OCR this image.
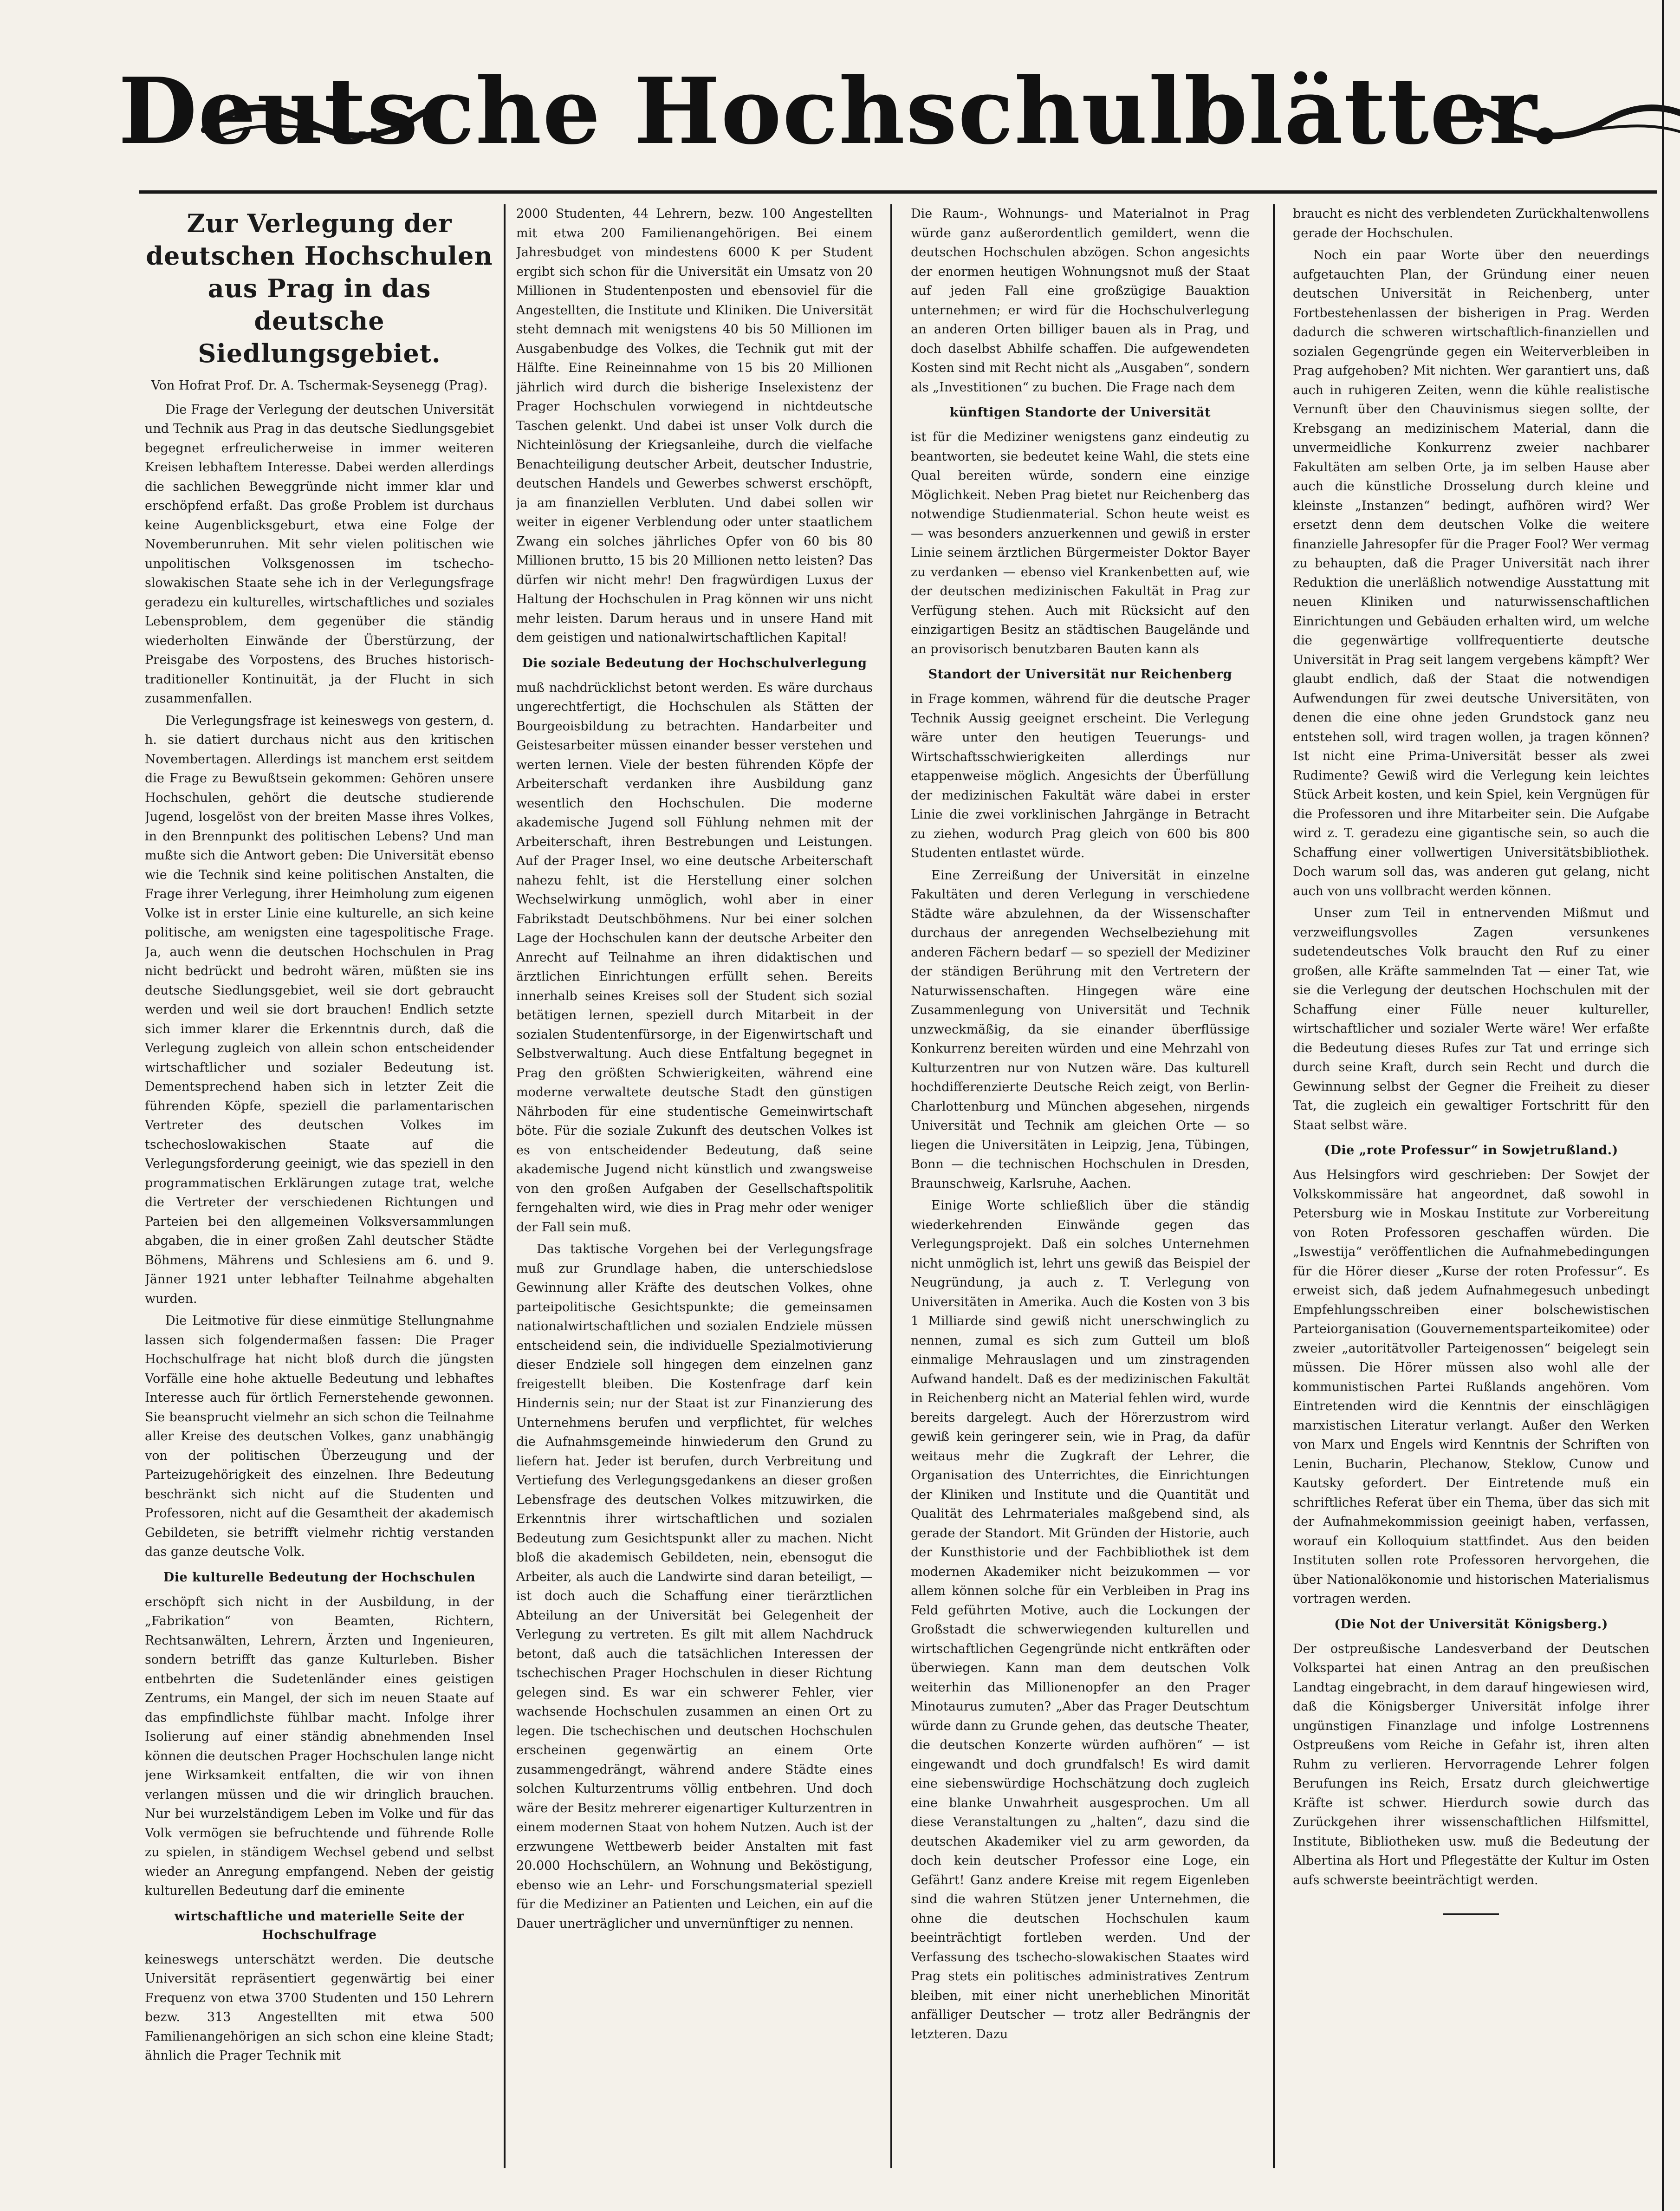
Deutsche Hochschulblätter.
Zur Verlegung der deutschen Hochschulen aus Prag in das deutsche Siedlungsgebiet.
Von Hofrat Prof. Dr. A. Tschermak-Seysenegg (Prag).

Die Frage der Verlegung der deutschen Universität und Technik aus Prag in das deutsche Siedlungsgebiet begegnet erfreulicherweise in immer weiteren Kreisen lebhaftem Interesse. Dabei werden allerdings die sachlichen Beweggründe nicht immer klar und erschöpfend erfaßt. Das große Problem ist durchaus keine Augenblicksgeburt, etwa eine Folge der Novemberunruhen. Mit sehr vielen politischen wie unpolitischen Volksgenossen im tschecho-slowakischen Staate sehe ich in der Verlegungsfrage geradezu ein kulturelles, wirtschaftliches und soziales Lebensproblem, dem gegenüber die ständig wiederholten Einwände der Überstürzung, der Preisgabe des Vorpostens, des Bruches historisch-traditioneller Kontinuität, ja der Flucht in sich zusammenfallen.

Die Verlegungsfrage ist keineswegs von gestern, d. h. sie datiert durchaus nicht aus den kritischen Novembertagen. Allerdings ist manchem erst seitdem die Frage zu Bewußtsein gekommen: Gehören unsere Hochschulen, gehört die deutsche studierende Jugend, losgelöst von der breiten Masse ihres Volkes, in den Brennpunkt des politischen Lebens? Und man mußte sich die Antwort geben: Die Universität ebenso wie die Technik sind keine politischen Anstalten, die Frage ihrer Verlegung, ihrer Heimholung zum eigenen Volke ist in erster Linie eine kulturelle, an sich keine politische, am wenigsten eine tagespolitische Frage. Ja, auch wenn die deutschen Hochschulen in Prag nicht bedrückt und bedroht wären, müßten sie ins deutsche Siedlungsgebiet, weil sie dort gebraucht werden und weil sie dort brauchen! Endlich setzte sich immer klarer die Erkenntnis durch, daß die Verlegung zugleich von allein schon entscheidender wirtschaftlicher und sozialer Bedeutung ist. Dementsprechend haben sich in letzter Zeit die führenden Köpfe, speziell die parlamentarischen Vertreter des deutschen Volkes im tschechoslowakischen Staate auf die Verlegungsforderung geeinigt, wie das speziell in den programmatischen Erklärungen zutage trat, welche die Vertreter der verschiedenen Richtungen und Parteien bei den allgemeinen Volksversammlungen abgaben, die in einer großen Zahl deutscher Städte Böhmens, Mährens und Schlesiens am 6. und 9. Jänner 1921 unter lebhafter Teilnahme abgehalten wurden.

Die Leitmotive für diese einmütige Stellungnahme lassen sich folgendermaßen fassen: Die Prager Hochschulfrage hat nicht bloß durch die jüngsten Vorfälle eine hohe aktuelle Bedeutung und lebhaftes Interesse auch für örtlich Fernerstehende gewonnen. Sie beansprucht vielmehr an sich schon die Teilnahme aller Kreise des deutschen Volkes, ganz unabhängig von der politischen Überzeugung und der Parteizugehörigkeit des einzelnen. Ihre Bedeutung beschränkt sich nicht auf die Studenten und Professoren, nicht auf die Gesamtheit der akademisch Gebildeten, sie betrifft vielmehr richtig verstanden das ganze deutsche Volk.

Die kulturelle Bedeutung der Hochschulen

erschöpft sich nicht in der Ausbildung, in der „Fabrikation“ von Beamten, Richtern, Rechtsanwälten, Lehrern, Ärzten und Ingenieuren, sondern betrifft das ganze Kulturleben. Bisher entbehrten die Sudetenländer eines geistigen Zentrums, ein Mangel, der sich im neuen Staate auf das empfindlichste fühlbar macht. Infolge ihrer Isolierung auf einer ständig abnehmenden Insel können die deutschen Prager Hochschulen lange nicht jene Wirksamkeit entfalten, die wir von ihnen verlangen müssen und die wir dringlich brauchen. Nur bei wurzelständigem Leben im Volke und für das Volk vermögen sie befruchtende und führende Rolle zu spielen, in ständigem Wechsel gebend und selbst wieder an Anregung empfangend. Neben der geistig kulturellen Bedeutung darf die eminente

wirtschaftliche und materielle Seite der Hochschulfrage

keineswegs unterschätzt werden. Die deutsche Universität repräsentiert gegenwärtig bei einer Frequenz von etwa 3700 Studenten und 150 Lehrern bezw. 313 Angestellten mit etwa 500 Familienangehörigen an sich schon eine kleine Stadt; ähnlich die Prager Technik mit

2000 Studenten, 44 Lehrern, bezw. 100 Angestellten mit etwa 200 Familienangehörigen. Bei einem Jahresbudget von mindestens 6000 K per Student ergibt sich schon für die Universität ein Umsatz von 20 Millionen in Studentenposten und ebensoviel für die Angestellten, die Institute und Kliniken. Die Universität steht demnach mit wenigstens 40 bis 50 Millionen im Ausgabenbudge des Volkes, die Technik gut mit der Hälfte. Eine Reineinnahme von 15 bis 20 Millionen jährlich wird durch die bisherige Inselexistenz der Prager Hochschulen vorwiegend in nichtdeutsche Taschen gelenkt. Und dabei ist unser Volk durch die Nichteinlösung der Kriegsanleihe, durch die vielfache Benachteiligung deutscher Arbeit, deutscher Industrie, deutschen Handels und Gewerbes schwerst erschöpft, ja am finanziellen Verbluten. Und dabei sollen wir weiter in eigener Verblendung oder unter staatlichem Zwang ein solches jährliches Opfer von 60 bis 80 Millionen brutto, 15 bis 20 Millionen netto leisten? Das dürfen wir nicht mehr! Den fragwürdigen Luxus der Haltung der Hochschulen in Prag können wir uns nicht mehr leisten. Darum heraus und in unsere Hand mit dem geistigen und nationalwirtschaftlichen Kapital!

Die soziale Bedeutung der Hochschulverlegung

muß nachdrücklichst betont werden. Es wäre durchaus ungerechtfertigt, die Hochschulen als Stätten der Bourgeoisbildung zu betrachten. Handarbeiter und Geistesarbeiter müssen einander besser verstehen und werten lernen. Viele der besten führenden Köpfe der Arbeiterschaft verdanken ihre Ausbildung ganz wesentlich den Hochschulen. Die moderne akademische Jugend soll Fühlung nehmen mit der Arbeiterschaft, ihren Bestrebungen und Leistungen. Auf der Prager Insel, wo eine deutsche Arbeiterschaft nahezu fehlt, ist die Herstellung einer solchen Wechselwirkung unmöglich, wohl aber in einer Fabrikstadt Deutschböhmens. Nur bei einer solchen Lage der Hochschulen kann der deutsche Arbeiter den Anrecht auf Teilnahme an ihren didaktischen und ärztlichen Einrichtungen erfüllt sehen. Bereits innerhalb seines Kreises soll der Student sich sozial betätigen lernen, speziell durch Mitarbeit in der sozialen Studentenfürsorge, in der Eigenwirtschaft und Selbstverwaltung. Auch diese Entfaltung begegnet in Prag den größten Schwierigkeiten, während eine moderne verwaltete deutsche Stadt den günstigen Nährboden für eine studentische Gemeinwirtschaft böte. Für die soziale Zukunft des deutschen Volkes ist es von entscheidender Bedeutung, daß seine akademische Jugend nicht künstlich und zwangsweise von den großen Aufgaben der Gesellschaftspolitik ferngehalten wird, wie dies in Prag mehr oder weniger der Fall sein muß.

Das taktische Vorgehen bei der Verlegungsfrage muß zur Grundlage haben, die unterschiedslose Gewinnung aller Kräfte des deutschen Volkes, ohne parteipolitische Gesichtspunkte; die gemeinsamen nationalwirtschaftlichen und sozialen Endziele müssen entscheidend sein, die individuelle Spezialmotivierung dieser Endziele soll hingegen dem einzelnen ganz freigestellt bleiben. Die Kostenfrage darf kein Hindernis sein; nur der Staat ist zur Finanzierung des Unternehmens berufen und verpflichtet, für welches die Aufnahmsgemeinde hinwiederum den Grund zu liefern hat. Jeder ist berufen, durch Verbreitung und Vertiefung des Verlegungsgedankens an dieser großen Lebensfrage des deutschen Volkes mitzuwirken, die Erkenntnis ihrer wirtschaftlichen und sozialen Bedeutung zum Gesichtspunkt aller zu machen. Nicht bloß die akademisch Gebildeten, nein, ebensogut die Arbeiter, als auch die Landwirte sind daran beteiligt, — ist doch auch die Schaffung einer tierärztlichen Abteilung an der Universität bei Gelegenheit der Verlegung zu vertreten. Es gilt mit allem Nachdruck betont, daß auch die tatsächlichen Interessen der tschechischen Prager Hochschulen in dieser Richtung gelegen sind. Es war ein schwerer Fehler, vier wachsende Hochschulen zusammen an einen Ort zu legen. Die tschechischen und deutschen Hochschulen erscheinen gegenwärtig an einem Orte zusammengedrängt, während andere Städte eines solchen Kulturzentrums völlig entbehren. Und doch wäre der Besitz mehrerer eigenartiger Kulturzentren in einem modernen Staat von hohem Nutzen. Auch ist der erzwungene Wettbewerb beider Anstalten mit fast 20.000 Hochschülern, an Wohnung und Beköstigung, ebenso wie an Lehr- und Forschungsmaterial speziell für die Mediziner an Patienten und Leichen, ein auf die Dauer unerträglicher und unvernünftiger zu nennen.

Die Raum-, Wohnungs- und Materialnot in Prag würde ganz außerordentlich gemildert, wenn die deutschen Hochschulen abzögen. Schon angesichts der enormen heutigen Wohnungsnot muß der Staat auf jeden Fall eine großzügige Bauaktion unternehmen; er wird für die Hochschulverlegung an anderen Orten billiger bauen als in Prag, und doch daselbst Abhilfe schaffen. Die aufgewendeten Kosten sind mit Recht nicht als „Ausgaben“, sondern als „Investitionen“ zu buchen. Die Frage nach dem

künftigen Standorte der Universität

ist für die Mediziner wenigstens ganz eindeutig zu beantworten, sie bedeutet keine Wahl, die stets eine Qual bereiten würde, sondern eine einzige Möglichkeit. Neben Prag bietet nur Reichenberg das notwendige Studienmaterial. Schon heute weist es — was besonders anzuerkennen und gewiß in erster Linie seinem ärztlichen Bürgermeister Doktor Bayer zu verdanken — ebenso viel Krankenbetten auf, wie der deutschen medizinischen Fakultät in Prag zur Verfügung stehen. Auch mit Rücksicht auf den einzigartigen Besitz an städtischen Baugelände und an provisorisch benutzbaren Bauten kann als

Standort der Universität nur Reichenberg

in Frage kommen, während für die deutsche Prager Technik Aussig geeignet erscheint. Die Verlegung wäre unter den heutigen Teuerungs- und Wirtschaftsschwierigkeiten allerdings nur etappenweise möglich. Angesichts der Überfüllung der medizinischen Fakultät wäre dabei in erster Linie die zwei vorklinischen Jahrgänge in Betracht zu ziehen, wodurch Prag gleich von 600 bis 800 Studenten entlastet würde.

Eine Zerreißung der Universität in einzelne Fakultäten und deren Verlegung in verschiedene Städte wäre abzulehnen, da der Wissenschafter durchaus der anregenden Wechselbeziehung mit anderen Fächern bedarf — so speziell der Mediziner der ständigen Berührung mit den Vertretern der Naturwissenschaften. Hingegen wäre eine Zusammenlegung von Universität und Technik unzweckmäßig, da sie einander überflüssige Konkurrenz bereiten würden und eine Mehrzahl von Kulturzentren nur von Nutzen wäre. Das kulturell hochdifferenzierte Deutsche Reich zeigt, von Berlin-Charlottenburg und München abgesehen, nirgends Universität und Technik am gleichen Orte — so liegen die Universitäten in Leipzig, Jena, Tübingen, Bonn — die technischen Hochschulen in Dresden, Braunschweig, Karlsruhe, Aachen.

Einige Worte schließlich über die ständig wiederkehrenden Einwände gegen das Verlegungsprojekt. Daß ein solches Unternehmen nicht unmöglich ist, lehrt uns gewiß das Beispiel der Neugründung, ja auch z. T. Verlegung von Universitäten in Amerika. Auch die Kosten von 3 bis 1 Milliarde sind gewiß nicht unerschwinglich zu nennen, zumal es sich zum Gutteil um bloß einmalige Mehrauslagen und um zinstragenden Aufwand handelt. Daß es der medizinischen Fakultät in Reichenberg nicht an Material fehlen wird, wurde bereits dargelegt. Auch der Hörerzustrom wird gewiß kein geringerer sein, wie in Prag, da dafür weitaus mehr die Zugkraft der Lehrer, die Organisation des Unterrichtes, die Einrichtungen der Kliniken und Institute und die Quantität und Qualität des Lehrmateriales maßgebend sind, als gerade der Standort. Mit Gründen der Historie, auch der Kunsthistorie und der Fachbibliothek ist dem modernen Akademiker nicht beizukommen — vor allem können solche für ein Verbleiben in Prag ins Feld geführten Motive, auch die Lockungen der Großstadt die schwerwiegenden kulturellen und wirtschaftlichen Gegengründe nicht entkräften oder überwiegen. Kann man dem deutschen Volk weiterhin das Millionenopfer an den Prager Minotaurus zumuten? „Aber das Prager Deutschtum würde dann zu Grunde gehen, das deutsche Theater, die deutschen Konzerte würden aufhören“ — ist eingewandt und doch grundfalsch! Es wird damit eine siebenswürdige Hochschätzung doch zugleich eine blanke Unwahrheit ausgesprochen. Um all diese Veranstaltungen zu „halten“, dazu sind die deutschen Akademiker viel zu arm geworden, da doch kein deutscher Professor eine Loge, ein Gefährt! Ganz andere Kreise mit regem Eigenleben sind die wahren Stützen jener Unternehmen, die ohne die deutschen Hochschulen kaum beeinträchtigt fortleben werden. Und der Verfassung des tschecho-slowakischen Staates wird Prag stets ein politisches administratives Zentrum bleiben, mit einer nicht unerheblichen Minorität anfälliger Deutscher — trotz aller Bedrängnis der letzteren. Dazu

braucht es nicht des verblendeten Zurückhaltenwollens gerade der Hochschulen.

Noch ein paar Worte über den neuerdings aufgetauchten Plan, der Gründung einer neuen deutschen Universität in Reichenberg, unter Fortbestehenlassen der bisherigen in Prag. Werden dadurch die schweren wirtschaftlich-finanziellen und sozialen Gegengründe gegen ein Weiterverbleiben in Prag aufgehoben? Mit nichten. Wer garantiert uns, daß auch in ruhigeren Zeiten, wenn die kühle realistische Vernunft über den Chauvinismus siegen sollte, der Krebsgang an medizinischem Material, dann die unvermeidliche Konkurrenz zweier nachbarer Fakultäten am selben Orte, ja im selben Hause aber auch die künstliche Drosselung durch kleine und kleinste „Instanzen“ bedingt, aufhören wird? Wer ersetzt denn dem deutschen Volke die weitere finanzielle Jahresopfer für die Prager Fool? Wer vermag zu behaupten, daß die Prager Universität nach ihrer Reduktion die unerläßlich notwendige Ausstattung mit neuen Kliniken und naturwissenschaftlichen Einrichtungen und Gebäuden erhalten wird, um welche die gegenwärtige vollfrequentierte deutsche Universität in Prag seit langem vergebens kämpft? Wer glaubt endlich, daß der Staat die notwendigen Aufwendungen für zwei deutsche Universitäten, von denen die eine ohne jeden Grundstock ganz neu entstehen soll, wird tragen wollen, ja tragen können? Ist nicht eine Prima-Universität besser als zwei Rudimente? Gewiß wird die Verlegung kein leichtes Stück Arbeit kosten, und kein Spiel, kein Vergnügen für die Professoren und ihre Mitarbeiter sein. Die Aufgabe wird z. T. geradezu eine gigantische sein, so auch die Schaffung einer vollwertigen Universitätsbibliothek. Doch warum soll das, was anderen gut gelang, nicht auch von uns vollbracht werden können.

Unser zum Teil in entnervenden Mißmut und verzweiflungsvolles Zagen versunkenes sudetendeutsches Volk braucht den Ruf zu einer großen, alle Kräfte sammelnden Tat — einer Tat, wie sie die Verlegung der deutschen Hochschulen mit der Schaffung einer Fülle neuer kultureller, wirtschaftlicher und sozialer Werte wäre! Wer erfaßte die Bedeutung dieses Rufes zur Tat und erringe sich durch seine Kraft, durch sein Recht und durch die Gewinnung selbst der Gegner die Freiheit zu dieser Tat, die zugleich ein gewaltiger Fortschritt für den Staat selbst wäre.

(Die „rote Professur“ in Sowjetrußland.)

Aus Helsingfors wird geschrieben: Der Sowjet der Volkskommissäre hat angeordnet, daß sowohl in Petersburg wie in Moskau Institute zur Vorbereitung von Roten Professoren geschaffen würden. Die „Iswestija“ veröffentlichen die Aufnahmebedingungen für die Hörer dieser „Kurse der roten Professur“. Es erweist sich, daß jedem Aufnahmegesuch unbedingt Empfehlungsschreiben einer bolschewistischen Parteiorganisation (Gouvernementsparteikomitee) oder zweier „autoritätvoller Parteigenossen“ beigelegt sein müssen. Die Hörer müssen also wohl alle der kommunistischen Partei Rußlands angehören. Vom Eintretenden wird die Kenntnis der einschlägigen marxistischen Literatur verlangt. Außer den Werken von Marx und Engels wird Kenntnis der Schriften von Lenin, Bucharin, Plechanow, Steklow, Cunow und Kautsky gefordert. Der Eintretende muß ein schriftliches Referat über ein Thema, über das sich mit der Aufnahmekommission geeinigt haben, verfassen, worauf ein Kolloquium stattfindet. Aus den beiden Instituten sollen rote Professoren hervorgehen, die über Nationalökonomie und historischen Materialismus vortragen werden.

(Die Not der Universität Königsberg.)

Der ostpreußische Landesverband der Deutschen Volkspartei hat einen Antrag an den preußischen Landtag eingebracht, in dem darauf hingewiesen wird, daß die Königsberger Universität infolge ihrer ungünstigen Finanzlage und infolge Lostrennens Ostpreußens vom Reiche in Gefahr ist, ihren alten Ruhm zu verlieren. Hervorragende Lehrer folgen Berufungen ins Reich, Ersatz durch gleichwertige Kräfte ist schwer. Hierdurch sowie durch das Zurückgehen ihrer wissenschaftlichen Hilfsmittel, Institute, Bibliotheken usw. muß die Bedeutung der Albertina als Hort und Pflegestätte der Kultur im Osten aufs schwerste beeinträchtigt werden.
